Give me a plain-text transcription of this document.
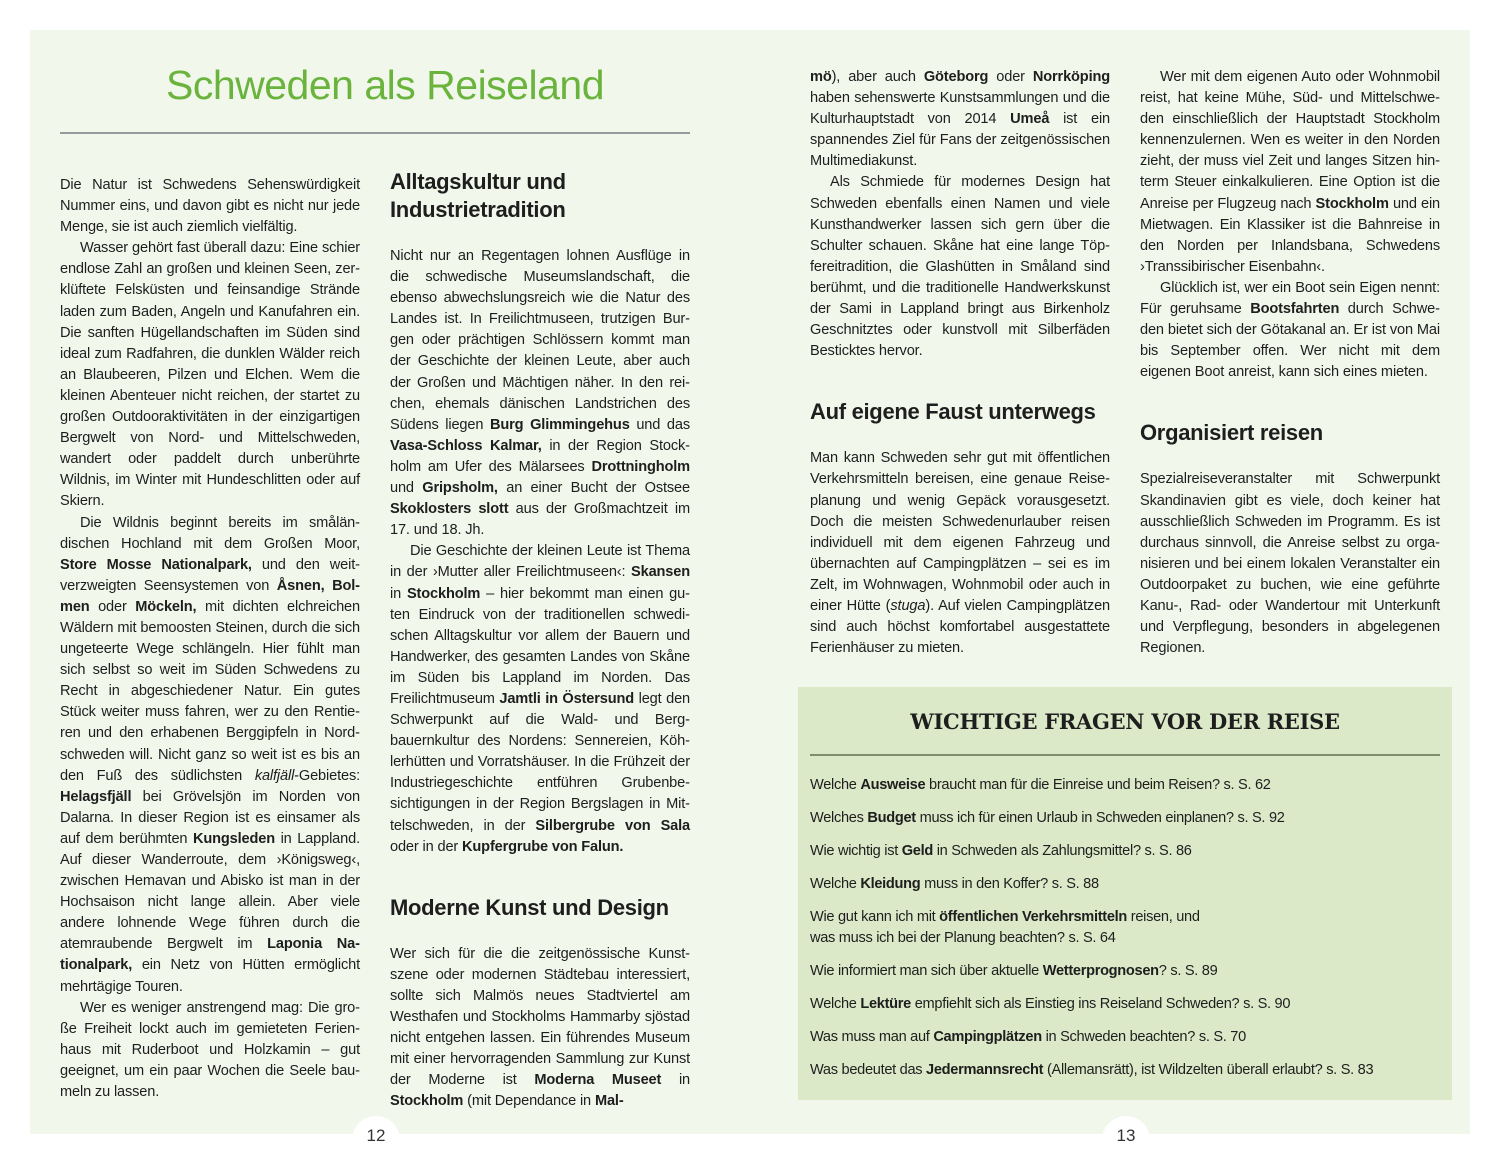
Schweden als Reiseland

Die Natur ist Schwedens Sehenswürdigkeit Nummer eins, und davon gibt es nicht nur jede Menge, sie ist auch ziemlich vielfältig.

Wasser gehört fast überall dazu: Eine schier endlose Zahl an großen und kleinen Seen, zerklüftete Felsküsten und feinsandige Strände laden zum Baden, Angeln und Kanufahren ein. Die sanften Hügellandschaften im Süden sind ideal zum Radfahren, die dunklen Wälder reich an Blaubeeren, Pilzen und Elchen. Wem die kleinen Abenteuer nicht reichen, der startet zu großen Outdooraktivitäten in der einzigartigen Bergwelt von Nord- und Mittelschweden, wandert oder paddelt durch unberührte Wildnis, im Winter mit Hundeschlitten oder auf Skiern.

Die Wildnis beginnt bereits im småländischen Hochland mit dem Großen Moor, Store Mosse Nationalpark, und den weitverzweigten Seensystemen von Åsnen, Bolmen oder Möckeln, mit dichten elchreichen Wäldern mit bemoosten Steinen, durch die sich ungeteerte Wege schlängeln. Hier fühlt man sich selbst so weit im Süden Schwedens zu Recht in abgeschiedener Natur. Ein gutes Stück weiter muss fahren, wer zu den Rentieren und den erhabenen Berggipfeln in Nordschweden will. Nicht ganz so weit ist es bis an den Fuß des südlichsten kalfjäll-Gebietes: Helagsfjäll bei Grövelsjön im Norden von Dalarna. In dieser Region ist es einsamer als auf dem berühmten Kungsleden in Lappland. Auf dieser Wanderroute, dem ›Königsweg‹, zwischen Hemavan und Abisko ist man in der Hochsaison nicht lange allein. Aber viele andere lohnende Wege führen durch die atemraubende Bergwelt im Laponia Nationalpark, ein Netz von Hütten ermöglicht mehrtägige Touren.

Wer es weniger anstrengend mag: Die große Freiheit lockt auch im gemieteten Ferienhaus mit Ruderboot und Holzkamin – gut geeignet, um ein paar Wochen die Seele baumeln zu lassen.

Alltagskultur und Industrietradition

Nicht nur an Regentagen lohnen Ausflüge in die schwedische Museumslandschaft, die ebenso abwechslungsreich wie die Natur des Landes ist. In Freilichtmuseen, trutzigen Burgen oder prächtigen Schlössern kommt man der Geschichte der kleinen Leute, aber auch der Großen und Mächtigen näher. In den reichen, ehemals dänischen Landstrichen des Südens liegen Burg Glimmingehus und das Vasa-Schloss Kalmar, in der Region Stockholm am Ufer des Mälarsees Drottningholm und Gripsholm, an einer Bucht der Ostsee Skoklosters slott aus der Großmachtzeit im 17. und 18. Jh.

Die Geschichte der kleinen Leute ist Thema in der ›Mutter aller Freilichtmuseen‹: Skansen in Stockholm – hier bekommt man einen guten Eindruck von der traditionellen schwedischen Alltagskultur vor allem der Bauern und Handwerker, des gesamten Landes von Skåne im Süden bis Lappland im Norden. Das Freilichtmuseum Jamtli in Östersund legt den Schwerpunkt auf die Wald- und Bergbauernkultur des Nordens: Sennereien, Köhlerhütten und Vorratshäuser. In die Frühzeit der Industriegeschichte entführen Grubenbesichtigungen in der Region Bergslagen in Mittelschweden, in der Silbergrube von Sala oder in der Kupfergrube von Falun.

Moderne Kunst und Design

Wer sich für die die zeitgenössische Kunstszene oder modernen Städtebau interessiert, sollte sich Malmös neues Stadtviertel am Westhafen und Stockholms Hammarby sjöstad nicht entgehen lassen. Ein führendes Museum mit einer hervorragenden Sammlung zur Kunst der Moderne ist Moderna Museet in Stockholm (mit Dependance in Mal-

mö), aber auch Göteborg oder Norrköping haben sehenswerte Kunstsammlungen und die Kulturhauptstadt von 2014 Umeå ist ein spannendes Ziel für Fans der zeitgenössischen Multimediakunst.

Als Schmiede für modernes Design hat Schweden ebenfalls einen Namen und viele Kunsthandwerker lassen sich gern über die Schulter schauen. Skåne hat eine lange Töpfereitradition, die Glashütten in Småland sind berühmt, und die traditionelle Handwerkskunst der Sami in Lappland bringt aus Birkenholz Geschnitztes oder kunstvoll mit Silberfäden Besticktes hervor.

Auf eigene Faust unterwegs

Man kann Schweden sehr gut mit öffentlichen Verkehrsmitteln bereisen, eine genaue Reiseplanung und wenig Gepäck vorausgesetzt. Doch die meisten Schwedenurlauber reisen individuell mit dem eigenen Fahrzeug und übernachten auf Campingplätzen – sei es im Zelt, im Wohnwagen, Wohnmobil oder auch in einer Hütte (stuga). Auf vielen Campingplätzen sind auch höchst komfortabel ausgestattete Ferienhäuser zu mieten.

Wer mit dem eigenen Auto oder Wohnmobil reist, hat keine Mühe, Süd- und Mittelschweden einschließlich der Hauptstadt Stockholm kennenzulernen. Wen es weiter in den Norden zieht, der muss viel Zeit und langes Sitzen hinterm Steuer einkalkulieren. Eine Option ist die Anreise per Flugzeug nach Stockholm und ein Mietwagen. Ein Klassiker ist die Bahnreise in den Norden per Inlandsbana, Schwedens ›Transsibirischer Eisenbahn‹.

Glücklich ist, wer ein Boot sein Eigen nennt: Für geruhsame Bootsfahrten durch Schweden bietet sich der Götakanal an. Er ist von Mai bis September offen. Wer nicht mit dem eigenen Boot anreist, kann sich eines mieten.

Organisiert reisen

Spezialreiseveranstalter mit Schwerpunkt Skandinavien gibt es viele, doch keiner hat ausschließlich Schweden im Programm. Es ist durchaus sinnvoll, die Anreise selbst zu organisieren und bei einem lokalen Veranstalter ein Outdoorpaket zu buchen, wie eine geführte Kanu-, Rad- oder Wandertour mit Unterkunft und Verpflegung, besonders in abgelegenen Regionen.

WICHTIGE FRAGEN VOR DER REISE

Welche Ausweise braucht man für die Einreise und beim Reisen? s. S. 62

Welches Budget muss ich für einen Urlaub in Schweden einplanen? s. S. 92

Wie wichtig ist Geld in Schweden als Zahlungsmittel? s. S. 86

Welche Kleidung muss in den Koffer? s. S. 88

Wie gut kann ich mit öffentlichen Verkehrsmitteln reisen, und
was muss ich bei der Planung beachten? s. S. 64

Wie informiert man sich über aktuelle Wetterprognosen? s. S. 89

Welche Lektüre empfiehlt sich als Einstieg ins Reiseland Schweden? s. S. 90

Was muss man auf Campingplätzen in Schweden beachten? s. S. 70

Was bedeutet das Jedermannsrecht (Allemansrätt), ist Wildzelten überall erlaubt? s. S. 83

12	13
